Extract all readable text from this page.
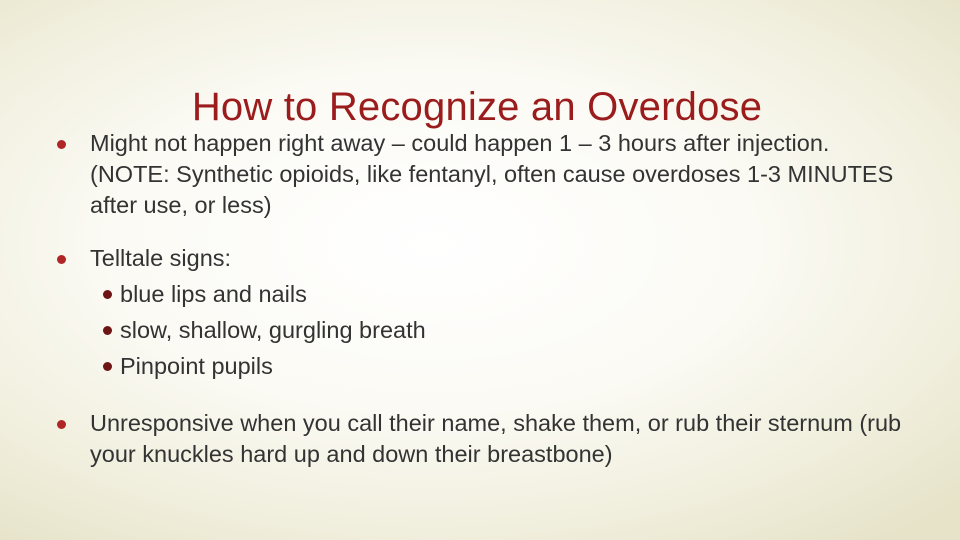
How to Recognize an Overdose
Might not happen right away – could happen 1 – 3 hours after injection. (NOTE: Synthetic opioids, like fentanyl, often cause overdoses 1-3 MINUTES after use, or less)
Telltale signs:
blue lips and nails
slow, shallow, gurgling breath
Pinpoint pupils
Unresponsive when you call their name, shake them, or rub their sternum (rub your knuckles hard up and down their breastbone)
